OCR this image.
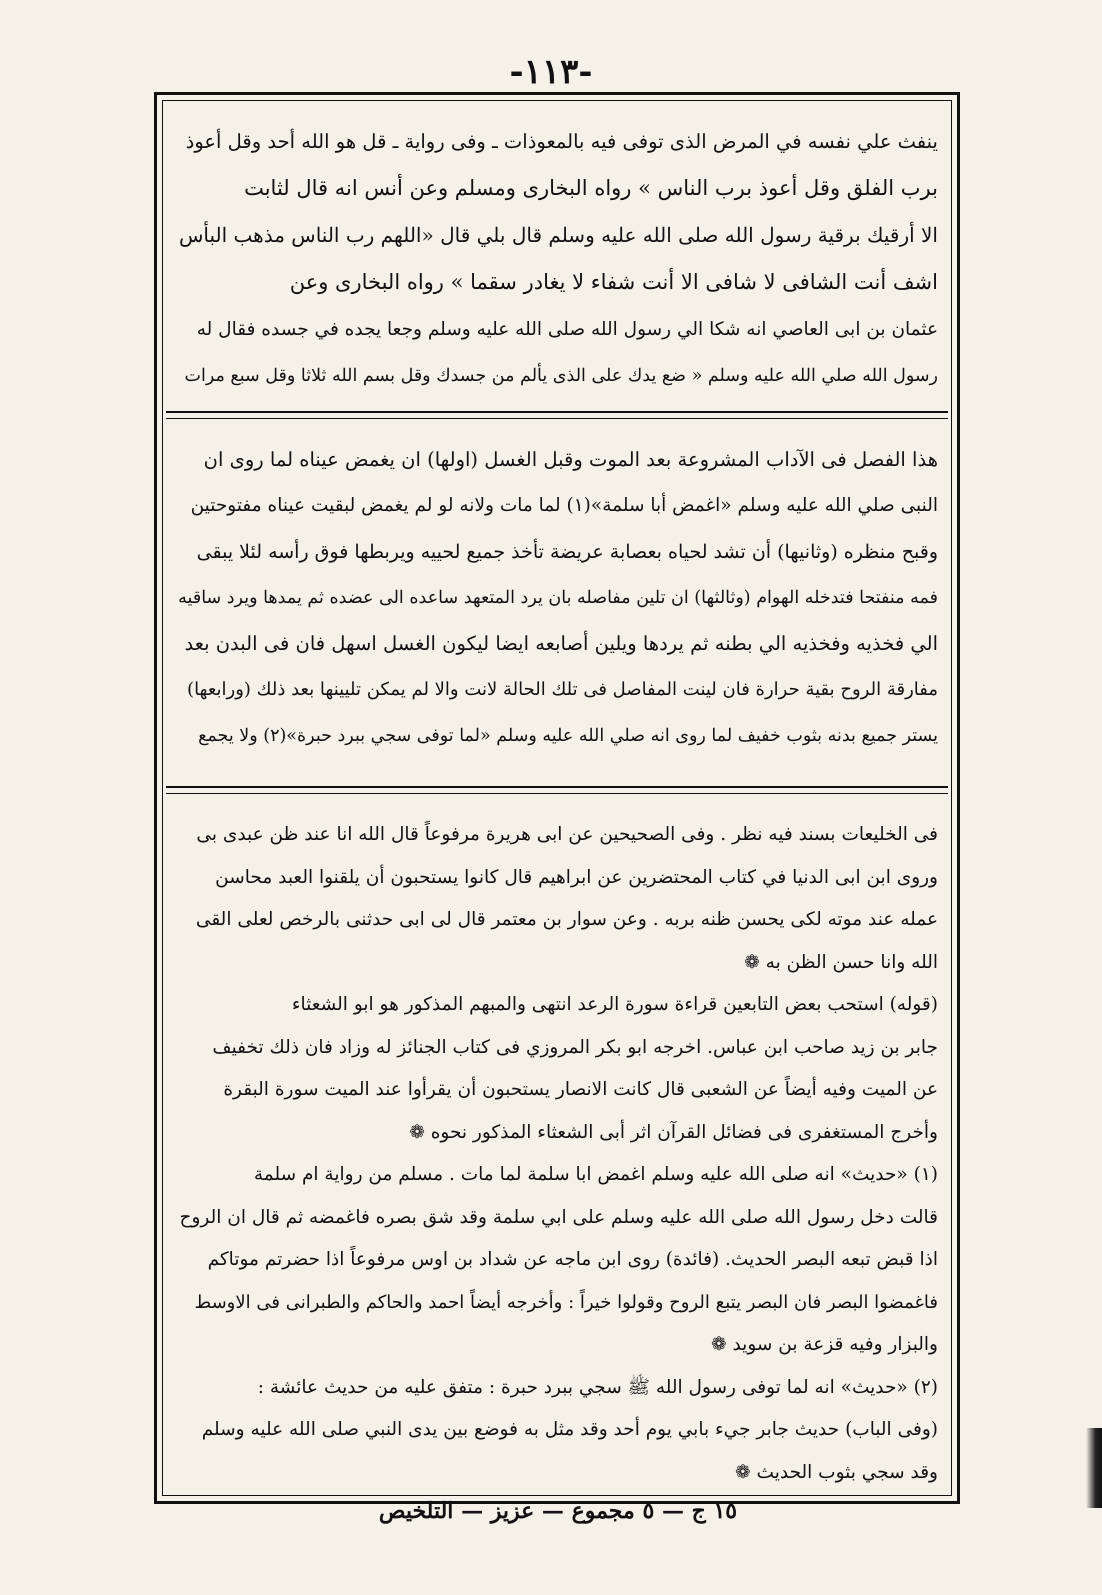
-١١٣-
ينفث علي نفسه في المرض الذى توفى فيه بالمعوذات ـ وفى رواية ـ قل هو الله أحد وقل أعوذ
برب الفلق وقل أعوذ برب الناس » رواه البخارى ومسلم وعن أنس انه قال لثابت
الا أرقيك برقية رسول الله صلى الله عليه وسلم قال بلي قال «اللهم رب الناس مذهب البأس
اشف أنت الشافى لا شافى الا أنت شفاء لا يغادر سقما » رواه البخارى وعن
عثمان بن ابى العاصي انه شكا الي رسول الله صلى الله عليه وسلم وجعا يجده في جسده فقال له
رسول الله صلي الله عليه وسلم « ضع يدك على الذى يألم من جسدك وقل بسم الله ثلاثا وقل سبع مرات
هذا الفصل فى الآداب المشروعة بعد الموت وقبل الغسل (اولها) ان يغمض عيناه لما روى ان
النبى صلي الله عليه وسلم «اغمض أبا سلمة»(١) لما مات ولانه لو لم يغمض لبقيت عيناه مفتوحتين
وقبح منظره (وثانيها) أن تشد لحياه بعصابة عريضة تأخذ جميع لحييه ويربطها فوق رأسه لئلا يبقى
فمه منفتحا فتدخله الهوام (وثالثها) ان تلين مفاصله بان يرد المتعهد ساعده الى عضده ثم يمدها ويرد ساقيه
الي فخذيه وفخذيه الي بطنه ثم يردها ويلين أصابعه ايضا ليكون الغسل اسهل فان فى البدن بعد
مفارقة الروح بقية حرارة فان لينت المفاصل فى تلك الحالة لانت والا لم يمكن تليينها بعد ذلك (ورابعها)
يستر جميع بدنه بثوب خفيف لما روى انه صلي الله عليه وسلم «لما توفى سجي ببرد حبرة»(٢) ولا يجمع
فى الخليعات بسند فيه نظر . وفى الصحيحين عن ابى هريرة مرفوعاً قال الله انا عند ظن عبدى بى
وروى ابن ابى الدنيا في كتاب المحتضرين عن ابراهيم قال كانوا يستحبون أن يلقنوا العبد محاسن
عمله عند موته لكى يحسن ظنه بربه . وعن سوار بن معتمر قال لى ابى حدثنى بالرخص لعلى القى
الله وانا حسن الظن به ❁
(قوله) استحب بعض التابعين قراءة سورة الرعد انتهى والمبهم المذكور هو ابو الشعثاء
جابر بن زيد صاحب ابن عباس. اخرجه ابو بكر المروزي فى كتاب الجنائز له وزاد فان ذلك تخفيف
عن الميت وفيه أيضاً عن الشعبى قال كانت الانصار يستحبون أن يقرأوا عند الميت سورة البقرة
وأخرج المستغفرى فى فضائل القرآن اثر أبى الشعثاء المذكور نحوه ❁
(١) «حديث» انه صلى الله عليه وسلم اغمض ابا سلمة لما مات . مسلم من رواية ام سلمة
قالت دخل رسول الله صلى الله عليه وسلم على ابي سلمة وقد شق بصره فاغمضه ثم قال ان الروح
اذا قبض تبعه البصر الحديث. (فائدة) روى ابن ماجه عن شداد بن اوس مرفوعاً اذا حضرتم موتاكم
فاغمضوا البصر فان البصر يتبع الروح وقولوا خيراً : وأخرجه أيضاً احمد والحاكم والطبرانى فى الاوسط
والبزار وفيه قزعة بن سويد ❁
(٢) «حديث» انه لما توفى رسول الله ﷺ سجي ببرد حبرة : متفق عليه من حديث عائشة :
(وفى الباب) حديث جابر جيء بابي يوم أحد وقد مثل به فوضع بين يدى النبي صلى الله عليه وسلم
وقد سجي بثوب الحديث ❁
١٥ ج — ٥ مجموع — عزيز — التلخيص
